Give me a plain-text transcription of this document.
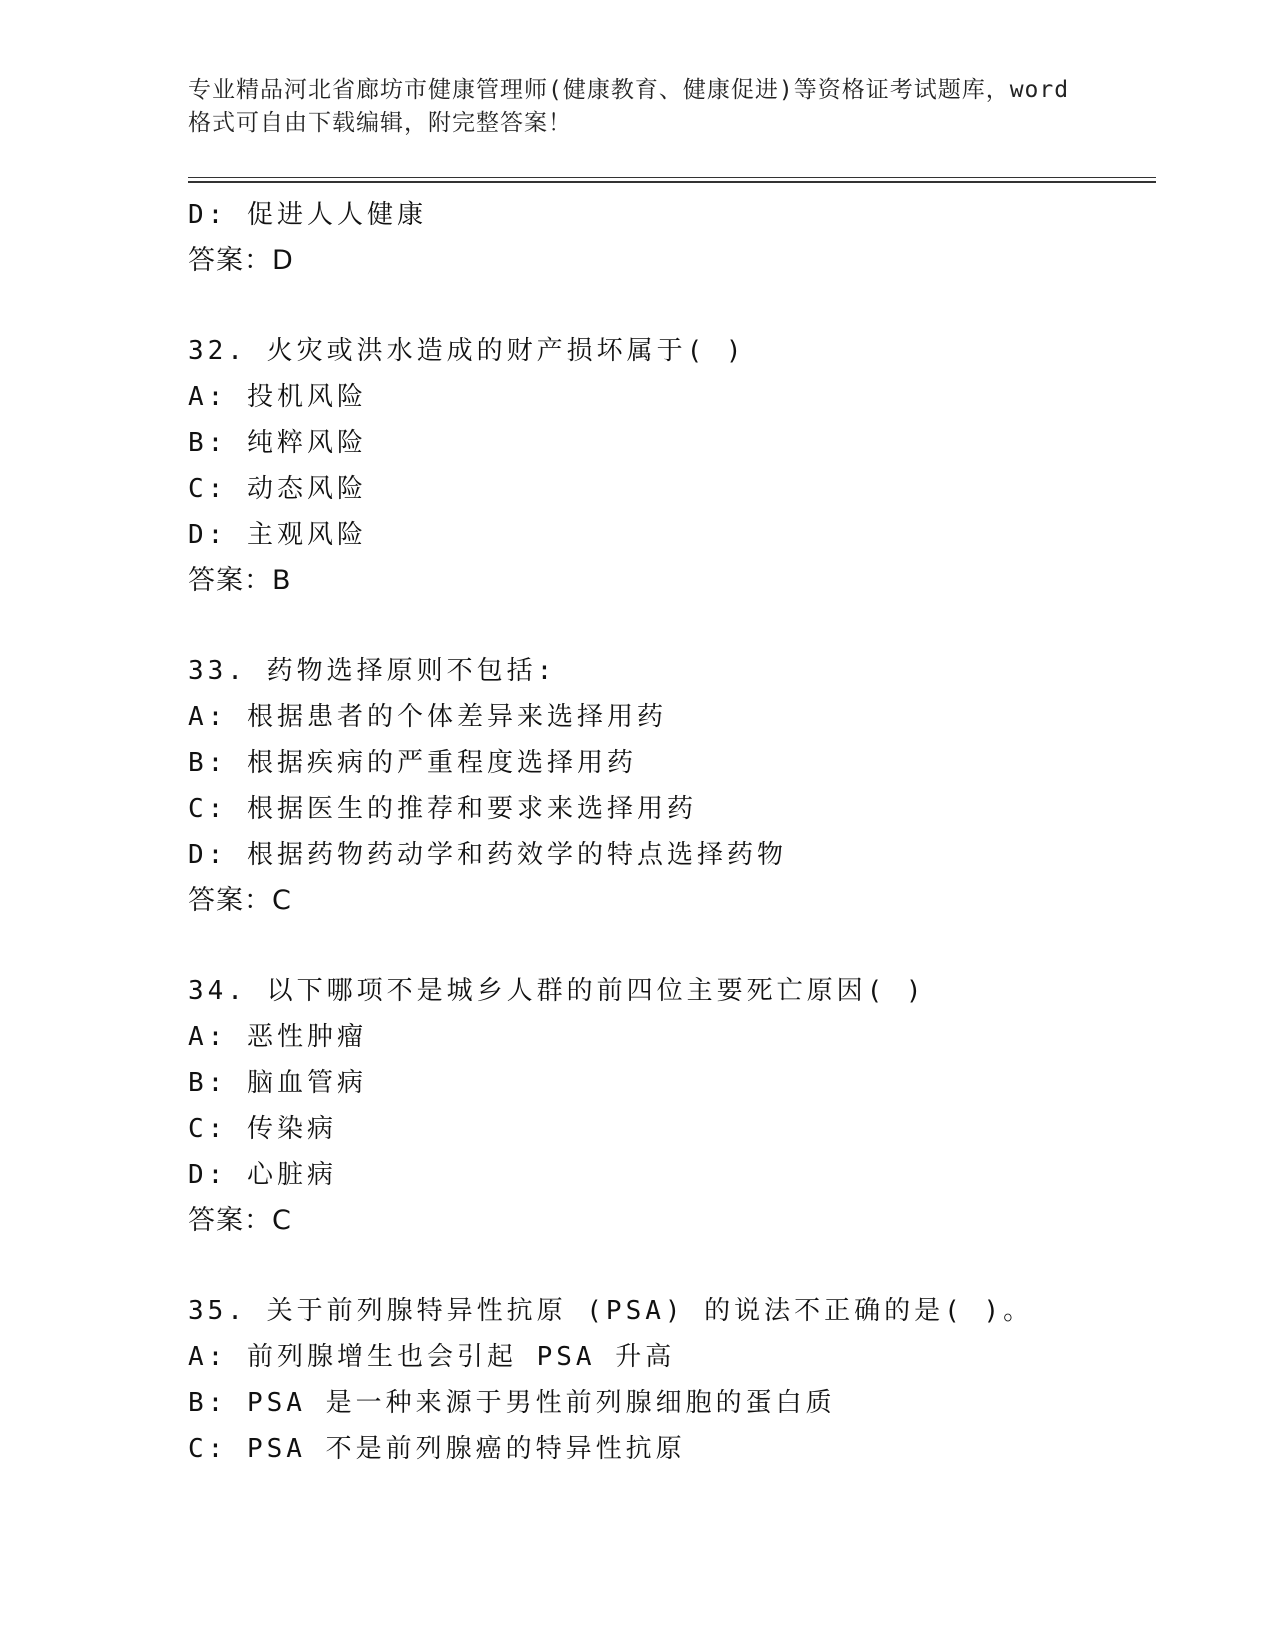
专业精品河北省廊坊市健康管理师(健康教育、健康促进)等资格证考试题库，word
格式可自由下载编辑，附完整答案！
D: 促进人人健康
答案：D
32. 火灾或洪水造成的财产损坏属于( )
A: 投机风险
B: 纯粹风险
C: 动态风险
D: 主观风险
答案：B
33. 药物选择原则不包括:
A: 根据患者的个体差异来选择用药
B: 根据疾病的严重程度选择用药
C: 根据医生的推荐和要求来选择用药
D: 根据药物药动学和药效学的特点选择药物
答案：C
34. 以下哪项不是城乡人群的前四位主要死亡原因( )
A: 恶性肿瘤
B: 脑血管病
C: 传染病
D: 心脏病
答案：C
35. 关于前列腺特异性抗原 (PSA) 的说法不正确的是( )。
A: 前列腺增生也会引起 PSA 升高
B: PSA 是一种来源于男性前列腺细胞的蛋白质
C: PSA 不是前列腺癌的特异性抗原
